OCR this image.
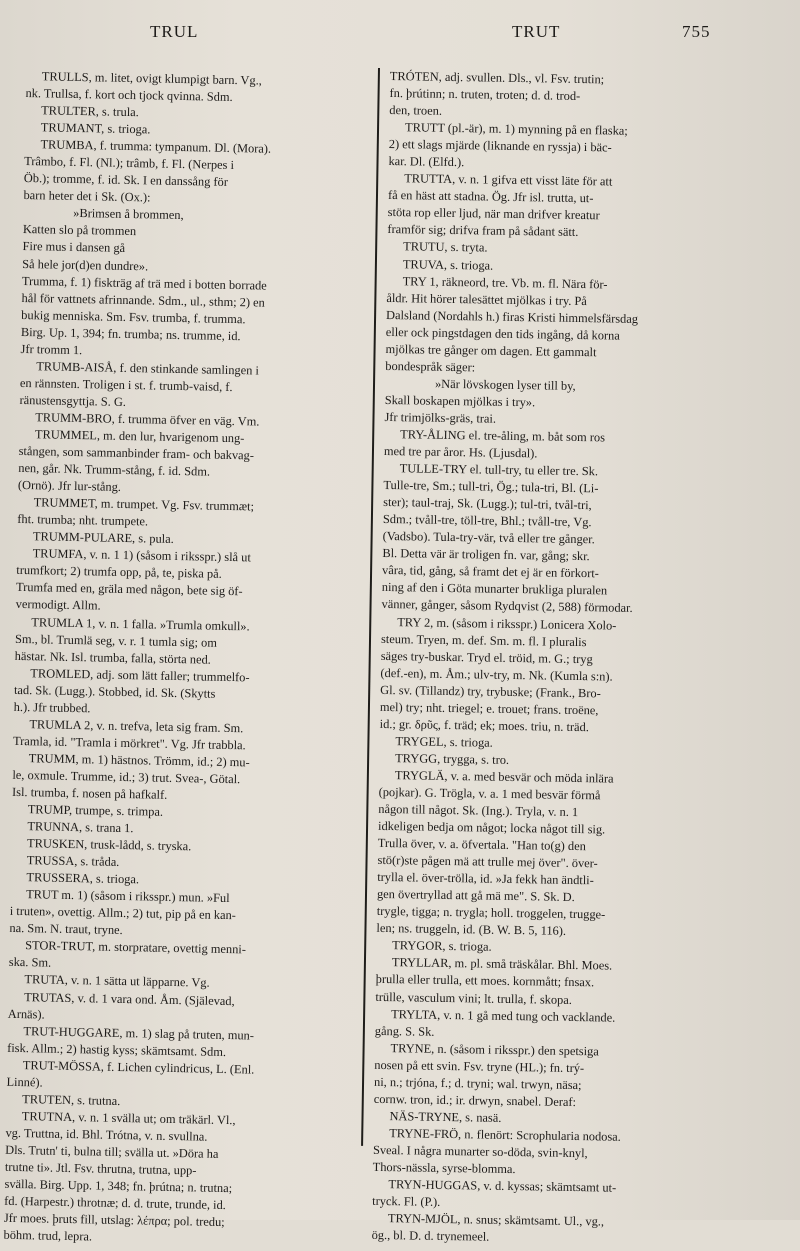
TRUL	TRUT	755
TRULLS, m. litet, ovigt klumpigt barn. Vg.,
nk. Trullsa, f. kort och tjock qvinna. Sdm.
TRULTER, s. trula.
TRUMANT, s. trioga.
TRUMBA, f. trumma: tympanum. Dl. (Mora).
Trâmbo, f. Fl. (Nl.); trâmb, f. Fl. (Nerpes i
Öb.); tromme, f. id. Sk. I en danssång för
barn heter det i Sk. (Ox.):
»Brimsen å brommen,
Katten slo på trommen
Fire mus i dansen gå
Så hele jor(d)en dundre».
Trumma, f. 1) fiskträg af trä med i botten borrade
hål för vattnets afrinnande. Sdm., ul., sthm; 2) en
bukig menniska. Sm. Fsv. trumba, f. trumma.
Birg. Up. 1, 394; fn. trumba; ns. trumme, id.
Jfr tromm 1.
TRUMB-AISÅ, f. den stinkande samlingen i
en rännsten. Troligen i st. f. trumb-vaisd, f.
ränustensgyttja. S. G.
TRUMM-BRO, f. trumma öfver en väg. Vm.
TRUMMEL, m. den lur, hvarigenom ung-
stången, som sammanbinder fram- och bakvag-
nen, går. Nk. Trumm-stång, f. id. Sdm.
(Ornö). Jfr lur-stång.
TRUMMET, m. trumpet. Vg. Fsv. trummæt;
fht. trumba; nht. trumpete.
TRUMM-PULARE, s. pula.
TRUMFA, v. n. 1 1) (såsom i riksspr.) slå ut
trumfkort; 2) trumfa opp, på, te, piska på.
Trumfa med en, gräla med någon, bete sig öf-
vermodigt. Allm.
TRUMLA 1, v. n. 1 falla. »Trumla omkull».
Sm., bl. Trumlä seg, v. r. 1 tumla sig; om
hästar. Nk. Isl. trumba, falla, störta ned.
TROMLED, adj. som lätt faller; trummelfo-
tad. Sk. (Lugg.). Stobbed, id. Sk. (Skytts
h.). Jfr trubbed.
TRUMLA 2, v. n. trefva, leta sig fram. Sm.
Tramla, id. "Tramla i mörkret". Vg. Jfr trabbla.
TRUMM, m. 1) hästnos. Trömm, id.; 2) mu-
le, oxmule. Trumme, id.; 3) trut. Svea-, Götal.
Isl. trumba, f. nosen på hafkalf.
TRUMP, trumpe, s. trimpa.
TRUNNA, s. trana 1.
TRUSKEN, trusk-lådd, s. tryska.
TRUSSA, s. tråda.
TRUSSERA, s. trioga.
TRUT m. 1) (såsom i riksspr.) mun. »Ful
i truten», ovettig. Allm.; 2) tut, pip på en kan-
na. Sm. N. traut, tryne.
STOR-TRUT, m. storpratare, ovettig menni-
ska. Sm.
TRUTA, v. n. 1 sätta ut läpparne. Vg.
TRUTAS, v. d. 1 vara ond. Åm. (Själevad,
Arnäs).
TRUT-HUGGARE, m. 1) slag på truten, mun-
fisk. Allm.; 2) hastig kyss; skämtsamt. Sdm.
TRUT-MÖSSA, f. Lichen cylindricus, L. (Enl.
Linné).
TRUTEN, s. trutna.
TRUTNA, v. n. 1 svälla ut; om träkärl. Vl.,
vg. Truttna, id. Bhl. Trótna, v. n. svullna.
Dls. Trutn' ti, bulna till; svälla ut. »Döra ha
trutne ti». Jtl. Fsv. thrutna, trutna, upp-
svälla. Birg. Upp. 1, 348; fn. þrútna; n. trutna;
fd. (Harpestr.) throtnæ; d. d. trute, trunde, id.
Jfr moes. þruts fill, utslag: λέπρα; pol. tredu;
böhm. trud, lepra.
TRÓTEN, adj. svullen. Dls., vl. Fsv. trutin;
fn. þrútinn; n. truten, troten; d. d. trod-
den, troen.
TRUTT (pl.-är), m. 1) mynning på en flaska;
2) ett slags mjärde (liknande en ryssja) i bäc-
kar. Dl. (Elfd.).
TRUTTA, v. n. 1 gifva ett visst läte för att
få en häst att stadna. Ög. Jfr isl. trutta, ut-
stöta rop eller ljud, när man drifver kreatur
framför sig; drifva fram på sådant sätt.
TRUTU, s. tryta.
TRUVA, s. trioga.
TRY 1, räkneord, tre. Vb. m. fl. Nära för-
åldr. Hit hörer talesättet mjölkas i try. På
Dalsland (Nordahls h.) firas Kristi himmelsfärsdag
eller ock pingstdagen den tids ingång, då korna
mjölkas tre gånger om dagen. Ett gammalt
bondespråk säger:
»När lövskogen lyser till by,
Skall boskapen mjölkas i try».
Jfr trimjölks-gräs, trai.
TRY-ÅLING el. tre-åling, m. båt som ros
med tre par åror. Hs. (Ljusdal).
TULLE-TRY el. tull-try, tu eller tre. Sk.
Tulle-tre, Sm.; tull-tri, Ög.; tula-tri, Bl. (Li-
ster); taul-traj, Sk. (Lugg.); tul-tri, tvål-tri,
Sdm.; tvåll-tre, töll-tre, Bhl.; tvåll-tre, Vg.
(Vadsbo). Tula-try-vär, två eller tre gånger.
Bl. Detta vär är troligen fn. var, gång; skr.
vâra, tid, gång, så framt det ej är en förkort-
ning af den i Göta munarter brukliga pluralen
vänner, gånger, såsom Rydqvist (2, 588) förmodar.
TRY 2, m. (såsom i riksspr.) Lonicera Xolo-
steum. Tryen, m. def. Sm. m. fl. I pluralis
säges try-buskar. Tryd el. tröid, m. G.; tryg
(def.-en), m. Åm.; ulv-try, m. Nk. (Kumla s:n).
Gl. sv. (Tillandz) try, trybuske; (Frank., Bro-
mel) try; nht. triegel; e. trouet; frans. troëne,
id.; gr. δρῦς, f. träd; ek; moes. triu, n. träd.
TRYGEL, s. trioga.
TRYGG, trygga, s. tro.
TRYGLÄ, v. a. med besvär och möda inlära
(pojkar). G. Trögla, v. a. 1 med besvär förmå
någon till något. Sk. (Ing.). Tryla, v. n. 1
idkeligen bedja om något; locka något till sig.
Trulla över, v. a. öfvertala. "Han to(g) den
stö(r)ste pågen mä att trulle mej över". över-
trylla el. över-trölla, id. »Ja fekk han ändtli-
gen övertryllad att gå mä me". S. Sk. D.
trygle, tigga; n. trygla; holl. troggelen, trugge-
len; ns. truggeln, id. (B. W. B. 5, 116).
TRYGOR, s. trioga.
TRYLLAR, m. pl. små träskålar. Bhl. Moes.
þrulla eller trulla, ett moes. kornmått; fnsax.
trülle, vasculum vini; lt. trulla, f. skopa.
TRYLTA, v. n. 1 gå med tung och vacklande.
gång. S. Sk.
TRYNE, n. (såsom i riksspr.) den spetsiga
nosen på ett svin. Fsv. tryne (HL.); fn. trý-
ni, n.; trjóna, f.; d. tryni; wal. trwyn, näsa;
cornw. tron, id.; ir. drwyn, snabel. Deraf:
NÄS-TRYNE, s. nasä.
TRYNE-FRÖ, n. flenört: Scrophularia nodosa.
Sveal. I några munarter so-döda, svin-knyl,
Thors-nässla, syrse-blomma.
TRYN-HUGGAS, v. d. kyssas; skämtsamt ut-
tryck. Fl. (P.).
TRYN-MJÖL, n. snus; skämtsamt. Ul., vg.,
ög., bl. D. d. trynemeel.
